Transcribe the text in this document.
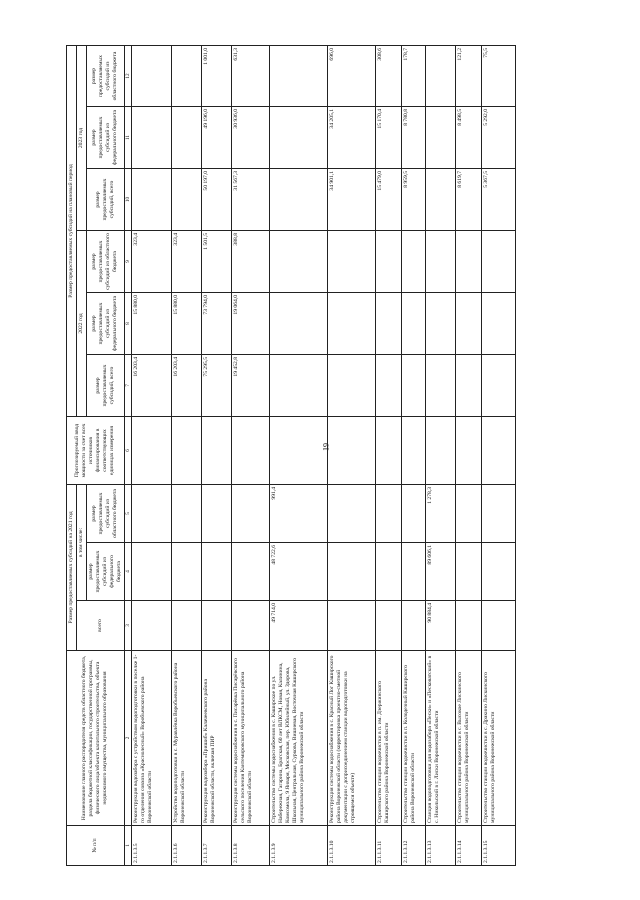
19
№ п/п	Наименование главного распорядителя средств областного бюджета, раздела бюджетной классификации, государственной программы, физического лица/объекта капитального строительства, объекта недвижимого имущества, муниципального образования	Размер предоставляемых субсидий на 2021 год			Прогнозируемый ввод мощности за счет всех источников финансирования в соответствующих единицах измерения	Размер предоставляемых субсидий на плановый период					
		всего	в том числе:			2022 год			2023 год		
			размер предоставляемых субсидий из федерального бюджета	размер предоставляемых субсидий из областного бюджета		размер предоставляемых субсидий, всего	размер предоставляемых субсидий из федерального бюджета	размер предоставляемых субсидий из областного бюджета	размер предоставляемых субсидий, всего	размер предоставляемых субсидий из федерального бюджета	размер предоставляемых субсидий из областного бюджета

1	2	3	4	5	6	7	8	9	10	11	12
2.1.1.3.5	Реконструкция водозабора с устройством водоподготовки в поселке 1-го отделения совхоза «Краснолесный» Воробьевского района Воронежской области					16 203,4	15 880,0	323,4			
2.1.1.3.6	Устройство водоподготовки в с. Муравлёвка Воробьевского района Воронежской области					16 203,4	15 880,0	323,4			
2.1.1.3.7	Реконструкция водозабора «Пришиб» Калачеевского района Воронежской области, включая ПИР					75 295,5	73 794,0	1 501,5	50 197,0	49 196,0	1 001,0
2.1.1.3.8	Реконструкция системы водоснабжения в с. Писарёвка Писарёвского сельского поселения Кантемировского муниципального района Воронежской области					19 452,8	19 064,0	388,8	31 567,3	30 936,0	631,3
2.1.1.3.9	Строительство системы водоснабжения в с. Каширское по ул. Набережная, Гагарина, Брагская, 60 лет ВЛКСМ, Новая, Калинина, Комсомола, 9 Января, Московская, пер. Юбилейный, ул. Здорова, Школьная, Центральная, Суркова, Вишневая, Восточная Каширского муниципального района Воронежской области	49 714,0	48 722,6	991,4							
2.1.1.3.10	Реконструкция системы водоснабжения в с. Красный Лог Каширского района Воронежской области (корректировка проектно-сметной документации с доприсоединением станции водоподготовки на строящемся объекте)								34 901,1	34 205,1	696,0
2.1.1.3.11	Строительство станции водоочистки в п. им. Дзержинского Каширского района Воронежской области								15 479,0	15 170,4	308,6
2.1.1.3.12	Строительство станции водоочистки в п. Колодезный Каширского района Воронежской области								8 959,5	8 780,8	178,7
2.1.1.3.13	Станция водоподготовки для водозабора «Пески» и «Песковатский» в с. Никольский в г. Лиски Воронежской области	90 884,4	89 606,1	1 278,3							
2.1.1.3.14	Строительство станции водоочистки в с. Высокое Лискинского муниципального района Воронежской области								8 619,7	8 498,5	121,2
2.1.1.3.15	Строительство станции водоочистки в с. Дракино Лискинского муниципального района Воронежской области								5 367,5	5 292,0	75,5
